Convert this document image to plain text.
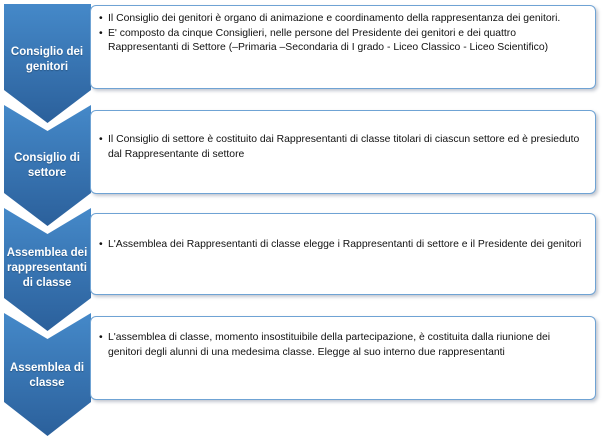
Consiglio dei genitori
Consiglio di settore
Assemblea dei rappresentanti di classe
Assemblea di classe
• Il Consiglio dei genitori è organo di animazione e coordinamento della rappresentanza dei genitori.
• E' composto da cinque Consiglieri, nelle persone del Presidente dei genitori e dei quattro Rappresentanti di Settore (–Primaria –Secondaria di I grado - Liceo Classico - Liceo Scientifico)
• Il Consiglio di settore è costituito dai Rappresentanti di classe titolari di ciascun settore ed è presieduto dal Rappresentante di settore
• L'Assemblea dei Rappresentanti di classe elegge i Rappresentanti di settore e il Presidente dei genitori
• L'assemblea di classe, momento insostituibile della partecipazione, è costituita dalla riunione dei genitori degli alunni di una medesima classe. Elegge al suo interno due rappresentanti
